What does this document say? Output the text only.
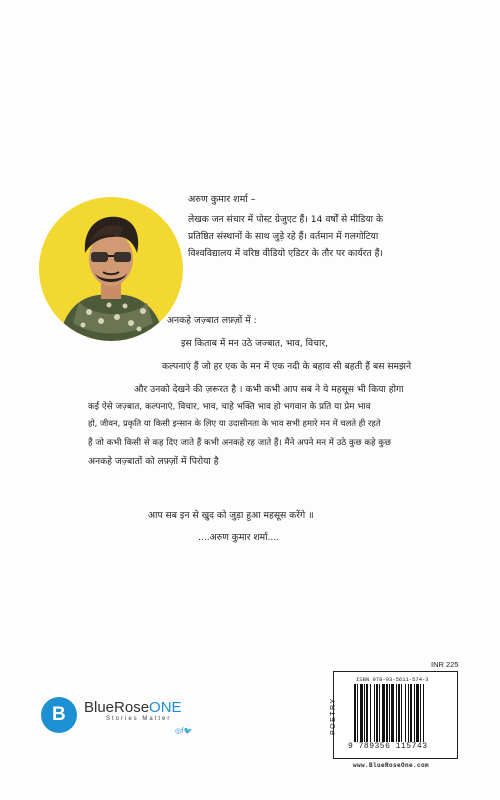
अरुण कुमार शर्मा –
लेखक जन संचार में पोस्ट ग्रेजुएट हैं। 14 वर्षों से मीडिया के
प्रतिष्ठित संस्थानों के साथ जुड़े रहे हैं। वर्तमान में गलगोटिया
विश्वविद्यालय में वरिष्ठ वीडियो एडिटर के तौर पर कार्यरत हैं।
अनकहे जज़्बात लफ़्ज़ों में :
इस किताब में मन उठे जज्बात, भाव, विचार,
कल्पनाएं हैं जो हर एक के मन में एक नदी के बहाव सी बहती हैं बस समझने
और उनको देखने की ज़रूरत है । कभी कभी आप सब ने ये महसूस भी किया होगा
कई ऐसे जज़्बात, कल्पनाएं, विचार, भाव, चाहे भक्ति भाव हो भगवान के प्रति या प्रेम भाव
हो, जीवन, प्रकृति या किसी इन्सान के लिए या उदासीनता के भाव सभी हमारे मन में चलते ही रहते
हैं जो कभी किसी से कह दिए जाते हैं कभी अनकहे रह जाते हैं। मैंने अपने मन में उठे कुछ कहे कुछ
अनकहे जज़्बातों को लफ़्ज़ों में पिरोया है
आप सब इन से खुद को जुड़ा हुआ महसूस करेंगे ॥
....अरुण कुमार शर्मा....
B BlueRoseONE
Stories Matter
◎f🐦
INR 225
POETRY
ISBN 978-93-5611-574-3
9 789356 115743
www.BlueRoseOne.com
